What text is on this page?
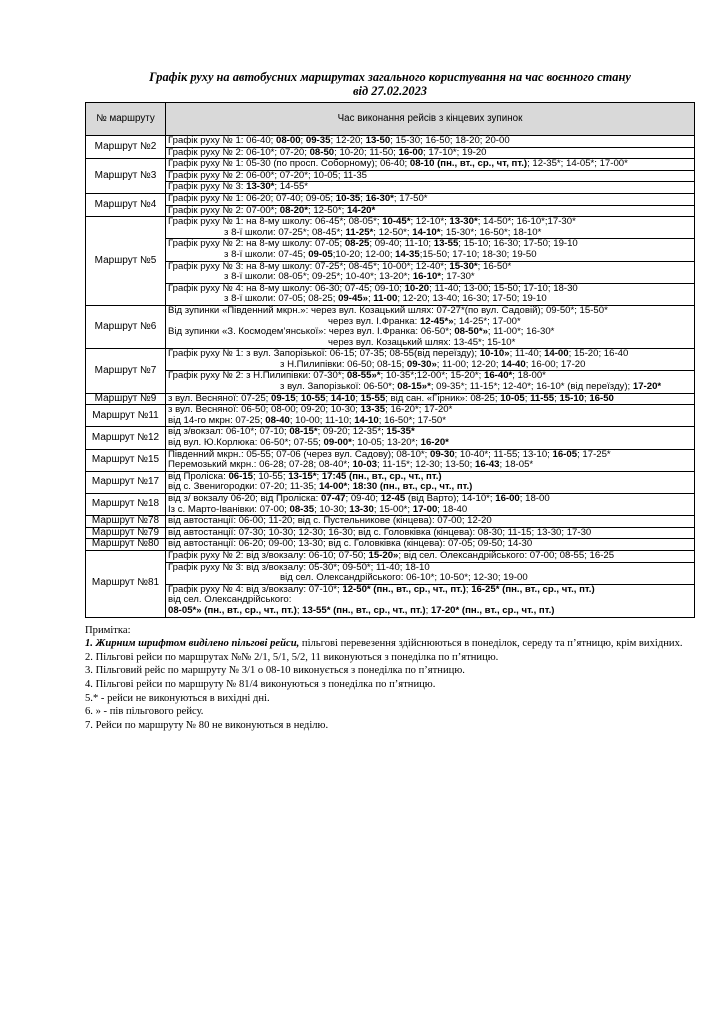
Графік руху на автобусних маршрутах загального користування на час воєнного стану
від 27.02.2023
№ маршруту	Час виконання рейсів з кінцевих зупинок
Маршрут №2	Графік руху № 1: 06-40; 08-00; 09-35; 12-20; 13-50; 15-30; 16-50; 18-20; 20-00
	Графік руху № 2: 06-10*; 07-20; 08-50; 10-20; 11-50; 16-00; 17-10*; 19-20
Маршрут №3	Графік руху № 1: 05-30 (по просп. Соборному); 06-40; 08-10 (пн., вт., ср., чт, пт.); 12-35*; 14-05*; 17-00*

	Графік руху № 2: 06-00*; 07-20*; 10-05; 11-35
	Графік руху № 3: 13-30*; 14-55*
Маршрут №4	Графік руху № 1: 06-20; 07-40; 09-05; 10-35; 16-30*; 17-50*
	Графік руху № 2: 07-00*; 08-20*; 12-50*; 14-20*
Маршрут №5	Графік руху № 1: на 8-му школу: 06-45*; 08-05*; 10-45*; 12-10*; 13-30*; 14-50*; 16-10*;17-30*
з 8-ї школи: 07-25*; 08-45*; 11-25*; 12-50*; 14-10*; 15-30*; 16-50*; 18-10*

	Графік руху № 2: на 8-му школу: 07-05; 08-25; 09-40; 11-10; 13-55; 15-10; 16-30; 17-50; 19-10
з 8-ї школи: 07-45; 09-05;10-20; 12-00; 14-35;15-50; 17-10; 18-30; 19-50

	Графік руху № 3: на 8-му школу: 07-25*; 08-45*; 10-00*; 12-40*; 15-30*; 16-50*
з 8-ї школи: 08-05*; 09-25*; 10-40*; 13-20*; 16-10*; 17-30*

	Графік руху № 4: на 8-му школу: 06-30; 07-45; 09-10; 10-20; 11-40; 13-00; 15-50; 17-10; 18-30
з 8-ї школи: 07-05; 08-25; 09-45»; 11-00; 12-20; 13-40; 16-30; 17-50; 19-10

Маршрут №6	Від зупинки «Південний мкрн.»: через вул. Козацький шлях: 07-27*(по вул. Садовій); 09-50*; 15-50*
через вул. І.Франка: 12-45*»; 14-25*; 17-00*
Від зупинки «З. Космодем’янської»: через вул. І.Франка: 06-50*; 08-50*»; 11-00*; 16-30*
через вул. Козацький шлях: 13-45*; 15-10*

Маршрут №7	Графік руху № 1: з вул. Запорізької: 06-15; 07-35; 08-55(від переїзду); 10-10»; 11-40; 14-00; 15-20; 16-40
з Н.Пилипівки: 06-50; 08-15; 09-30»; 11-00; 12-20; 14-40; 16-00; 17-20

	Графік руху № 2: з Н.Пилипівки: 07-30*; 08-55»*; 10-35*;12-00*; 15-20*; 16-40*; 18-00*
з вул. Запорізької: 06-50*; 08-15»*; 09-35*; 11-15*; 12-40*; 16-10* (від переїзду); 17-20*

Маршрут №9	з вул. Весняної: 07-25; 09-15; 10-55; 14-10; 15-55; від сан. «Гірник»: 08-25; 10-05; 11-55; 15-10; 16-50

Маршрут №11	з вул. Весняної: 06-50; 08-00; 09-20; 10-30; 13-35; 16-20*; 17-20*
від 14-го мкрн: 07-25; 08-40; 10-00; 11-10; 14-10; 16-50*; 17-50*

Маршрут №12	від з/вокзал: 06-10*; 07-10; 08-15*; 09-20; 12-35*; 15-35*
від вул. Ю.Корлюка: 06-50*; 07-55; 09-00*; 10-05; 13-20*; 16-20*

Маршрут №15	Південний мкрн.: 05-55; 07-06 (через вул. Садову); 08-10*; 09-30; 10-40*; 11-55; 13-10; 16-05; 17-25*
Перемозький мкрн.: 06-28; 07-28; 08-40*; 10-03; 11-15*; 12-30; 13-50; 16-43; 18-05*

Маршрут №17	від Проліска: 06-15; 10-55; 13-15*; 17:45 (пн., вт., ср., чт., пт.)
від с. Звенигородки: 07-20; 11-35; 14-00*; 18:30 (пн., вт., ср., чт., пт.)

Маршрут №18	від з/ вокзалу 06-20; від Проліска: 07-47; 09-40; 12-45 (від Варто); 14-10*; 16-00; 18-00
Із с. Марто-Іванівки: 07-00; 08-35; 10-30; 13-30; 15-00*; 17-00; 18-40

Маршрут №78	від автостанції: 06-00; 11-20; від с. Пустельникове (кінцева): 07-00; 12-20
Маршрут №79	від автостанції: 07-30; 10-30; 12-30; 16-30; від с. Головківка (кінцева): 08-30; 11-15; 13-30; 17-30

Маршрут №80	від автостанції: 06-20; 09-00; 13-30; від с. Головківка (кінцева): 07-05; 09-50; 14-30

Маршрут №81	Графік руху № 2: від з/вокзалу: 06-10; 07-50; 15-20»; від сел. Олександрійського: 07-00; 08-55; 16-25

	Графік руху № 3: від з/вокзалу: 05-30*; 09-50*; 11-40; 18-10
від сел. Олександрійського: 06-10*; 10-50*; 12-30; 19-00

	Графік руху № 4: від з/вокзалу: 07-10*; 12-50* (пн., вт., ср., чт., пт.); 16-25* (пн., вт., ср., чт., пт.)
від сел. Олександрійського:
08-05*» (пн., вт., ср., чт., пт.); 13-55* (пн., вт., ср., чт., пт.); 17-20* (пн., вт., ср., чт., пт.)

Примітка:

1. Жирним шрифтом виділено пільгові рейси, пільгові перевезення здійснюються в понеділок, середу та п’ятницю, крім вихідних.

2. Пільгові рейси по маршрутах №№ 2/1, 5/1, 5/2, 11 виконуються з понеділка по п’ятницю.

3. Пільговий рейс по маршруту № 3/1 о 08-10 виконується з понеділка по п’ятницю.

4. Пільгові рейси по маршруту № 81/4 виконуються з понеділка по п’ятницю.

5.* - рейси не виконуються в вихідні дні.

6. » - пів пільгового рейсу.

7. Рейси по маршруту № 80 не виконуються в неділю.
